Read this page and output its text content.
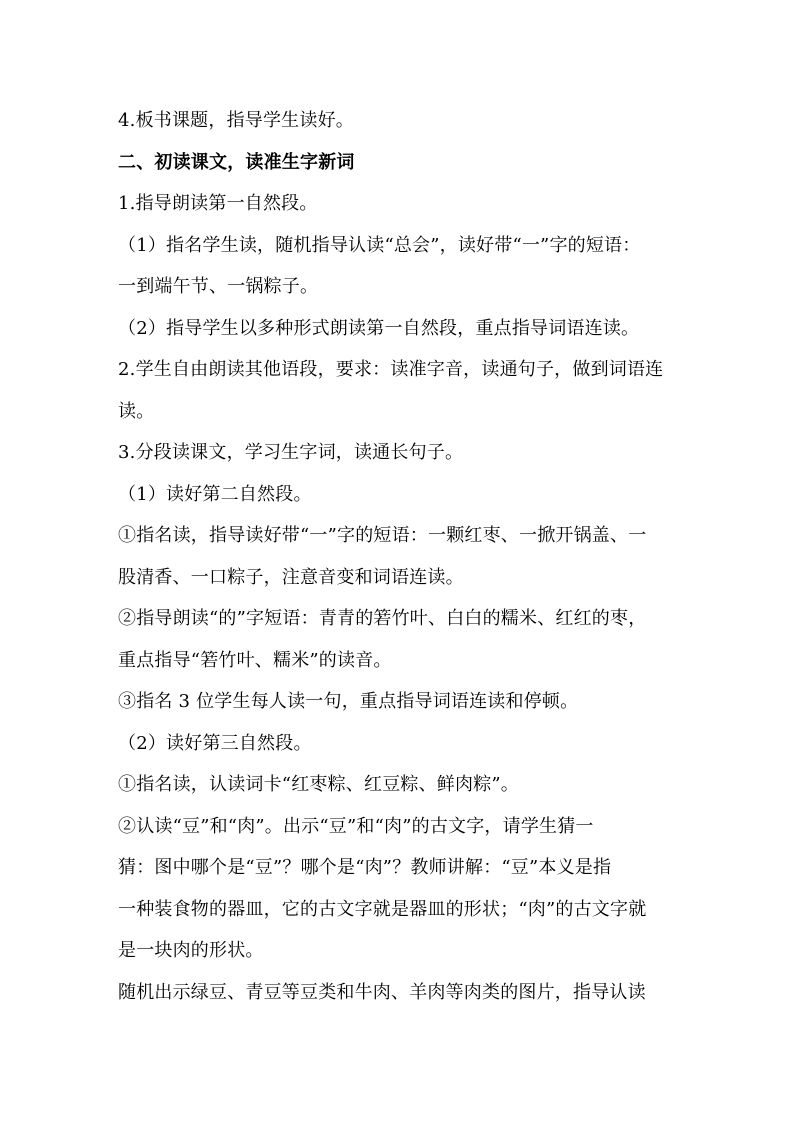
4.板书课题，指导学生读好。
二、初读课文，读准生字新词
1.指导朗读第一自然段。
（1）指名学生读，随机指导认读“总会”，读好带“一”字的短语：
一到端午节、一锅粽子。
（2）指导学生以多种形式朗读第一自然段，重点指导词语连读。
2.学生自由朗读其他语段，要求：读准字音，读通句子，做到词语连
读。
3.分段读课文，学习生字词，读通长句子。
（1）读好第二自然段。
①指名读，指导读好带“一”字的短语：一颗红枣、一掀开锅盖、一
股清香、一口粽子，注意音变和词语连读。
②指导朗读“的”字短语：青青的箬竹叶、白白的糯米、红红的枣，
重点指导“箬竹叶、糯米”的读音。
③指名 3 位学生每人读一句，重点指导词语连读和停顿。
（2）读好第三自然段。
①指名读，认读词卡“红枣粽、红豆粽、鲜肉粽”。
②认读“豆”和“肉”。出示“豆”和“肉”的古文字，请学生猜一
猜：图中哪个是“豆”？哪个是“肉”？教师讲解：“豆”本义是指
一种装食物的器皿，它的古文字就是器皿的形状；“肉”的古文字就
是一块肉的形状。
随机出示绿豆、青豆等豆类和牛肉、羊肉等肉类的图片，指导认读
